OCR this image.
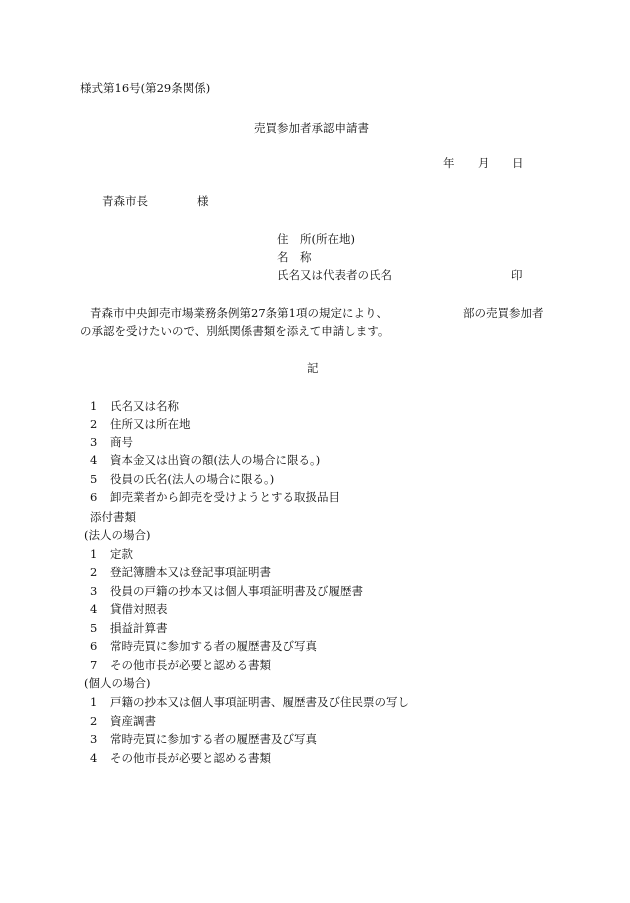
様式第16号(第29条関係)
売買参加者承認申請書
年 月 日
青森市長	様
住　所(所在地)
名　称
氏名又は代表者の氏名	印
青森市中央卸売市場業務条例第27条第1項の規定により、	部の売買参加者
の承認を受けたいので、別紙関係書類を添えて申請します。
記
1 氏名又は名称
2 住所又は所在地
3 商号
4 資本金又は出資の額(法人の場合に限る。)
5 役員の氏名(法人の場合に限る。)
6 卸売業者から卸売を受けようとする取扱品目
添付書類
(法人の場合)
1 定款
2 登記簿謄本又は登記事項証明書
3 役員の戸籍の抄本又は個人事項証明書及び履歴書
4 貸借対照表
5 損益計算書
6 常時売買に参加する者の履歴書及び写真
7 その他市長が必要と認める書類
(個人の場合)
1 戸籍の抄本又は個人事項証明書、履歴書及び住民票の写し
2 資産調書
3 常時売買に参加する者の履歴書及び写真
4 その他市長が必要と認める書類
